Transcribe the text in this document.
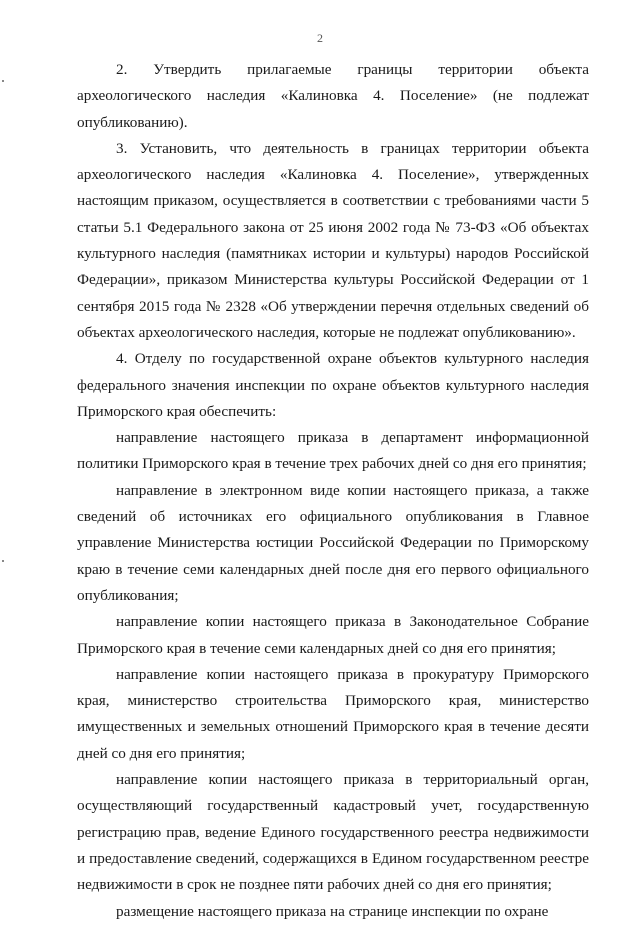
2

2. Утвердить прилагаемые границы территории объекта археологического наследия «Калиновка 4. Поселение» (не подлежат опубликованию).

3. Установить, что деятельность в границах территории объекта археологического наследия «Калиновка 4. Поселение», утвержденных настоящим приказом, осуществляется в соответствии с требованиями части 5 статьи 5.1 Федерального закона от 25 июня 2002 года № 73-ФЗ «Об объектах культурного наследия (памятниках истории и культуры) народов Российской Федерации», приказом Министерства культуры Российской Федерации от 1 сентября 2015 года № 2328 «Об утверждении перечня отдельных сведений об объектах археологического наследия, которые не подлежат опубликованию».

4. Отделу по государственной охране объектов культурного наследия федерального значения инспекции по охране объектов культурного наследия Приморского края обеспечить:

направление настоящего приказа в департамент информационной политики Приморского края в течение трех рабочих дней со дня его принятия;

направление в электронном виде копии настоящего приказа, а также сведений об источниках его официального опубликования в Главное управление Министерства юстиции Российской Федерации по Приморскому краю в течение семи календарных дней после дня его первого официального опубликования;

направление копии настоящего приказа в Законодательное Собрание Приморского края в течение семи календарных дней со дня его принятия;

направление копии настоящего приказа в прокуратуру Приморского края, министерство строительства Приморского края, министерство имущественных и земельных отношений Приморского края в течение десяти дней со дня его принятия;

направление копии настоящего приказа в территориальный орган, осуществляющий государственный кадастровый учет, государственную регистрацию прав, ведение Единого государственного реестра недвижимости и предоставление сведений, содержащихся в Едином государственном реестре недвижимости в срок не позднее пяти рабочих дней со дня его принятия;

размещение настоящего приказа на странице инспекции по охране
